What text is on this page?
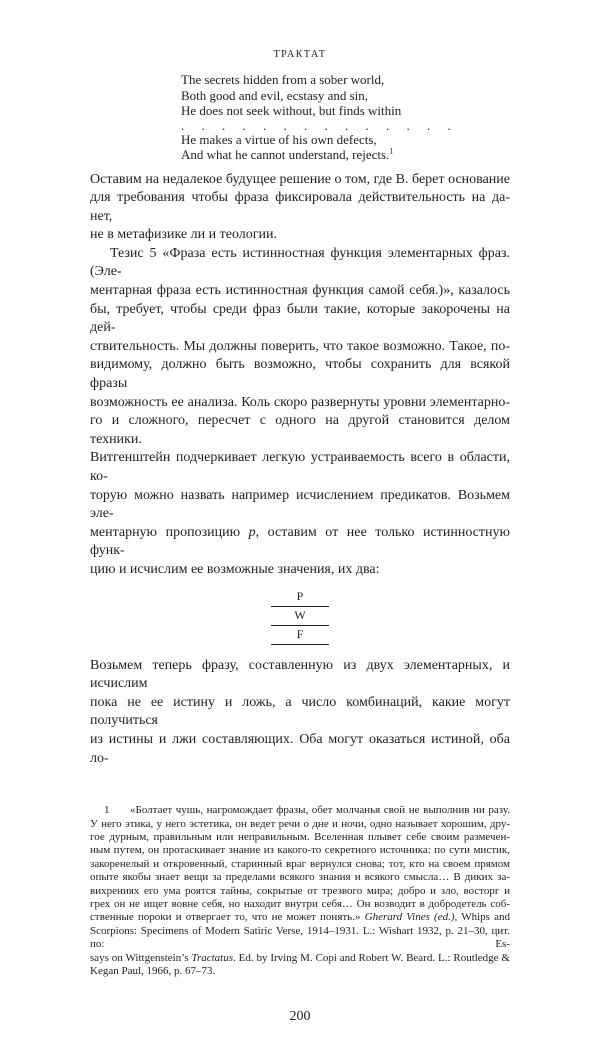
ТРАКТАТ
The secrets hidden from a sober world,
Both good and evil, ecstasy and sin,
He does not seek without, but finds within
. . . . . . . . . . . . . .
He makes a virtue of his own defects,
And what he cannot understand, rejects.$^1$
Оставим на недалекое будущее решение о том, где В. берет основание
для требования чтобы фраза фиксировала действительность на да-нет,
не в метафизике ли и теологии.
Тезис 5 «Фраза есть истинностная функция элементарных фраз. (Эле-
ментарная фраза есть истинностная функция самой себя.)», казалось
бы, требует, чтобы среди фраз были такие, которые закорочены на дей-
ствительность. Мы должны поверить, что такое возможно. Такое, по-
видимому, должно быть возможно, чтобы сохранить для всякой фразы
возможность ее анализа. Коль скоро развернуты уровни элементарно-
го и сложного, пересчет с одного на другой становится делом техники.
Витгенштейн подчеркивает легкую устраиваемость всего в области, ко-
торую можно назвать например исчислением предикатов. Возьмем эле-
ментарную пропозицию p, оставим от нее только истинностную функ-
цию и исчислим ее возможные значения, их два:
P
W
F
Возьмем теперь фразу, составленную из двух элементарных, и исчислим
пока не ее истину и ложь, а число комбинаций, какие могут получиться
из истины и лжи составляющих. Оба могут оказаться истиной, оба ло-
1	«Болтает чушь, нагромождает фразы, обет молчанья свой не выполнив ни разу.
У него этика, у него эстетика, он ведет речи о дне и ночи, одно называет хорошим, дру-
гое дурным, правильным или неправильным. Вселенная плывет себе своим размечен-
ным путем, он протаскивает знание из какого-то секретного источника: по сути мистик,
закоренелый и откровенный, старинный враг вернулся снова; тот, кто на своем прямом
опыте якобы знает вещи за пределами всякого знания и всякого смысла… В диких за-
вихрениях его ума роятся тайны, сокрытые от трезвого мира; добро и зло, восторг и
грех он не ищет вовне себя, но находит внутри себя… Он возводит в добродетель соб-
ственные пороки и отвергает то, что не может понять.» Gherard Vines (ed.), Whips and
Scorpions: Specimens of Modern Satiric Verse, 1914–1931. L.: Wishart 1932, p. 21–30, цит. по: Es-
says on Wittgenstein’s Tractatus. Ed. by Irving M. Copi and Robert W. Beard. L.: Routledge &
Kegan Paul, 1966, p. 67–73.
200
